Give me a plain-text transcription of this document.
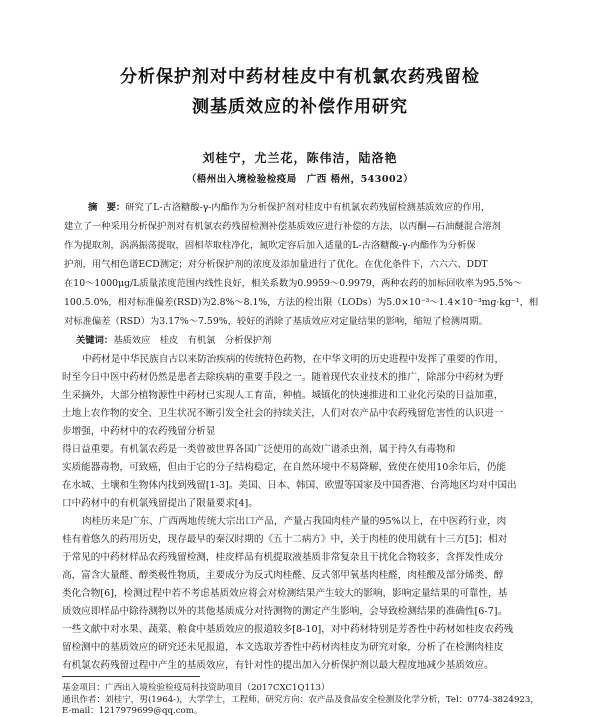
分析保护剂对中药材桂皮中有机氯农药残留检
测基质效应的补偿作用研究
刘桂宁，尤兰花，陈伟洁，陆洛艳
（梧州出入境检验检疫局　广西 梧州，543002）
摘　要：研究了L-古洛糖酸-γ-内酯作为分析保护剂对桂皮中有机氯农药残留检测基质效应的作用，
建立了一种采用分析保护剂对有机氯农药残留检测补偿基质效应进行补偿的方法，以丙酮—石油醚混合溶剂
作为提取剂，涡涡振荡提取，固相萃取柱净化，氮吹定容后加入适量的L-古洛糖酸-γ-内酯作为分析保
护剂，用气相色谱ECD测定；对分析保护剂的浓度及添加量进行了优化。在优化条件下，六六六、DDT
在10～1000μg/L质量浓度范围内线性良好，相关系数为0.9959～0.9979，两种农药的加标回收率为95.5%～
100.5.0%，相对标准偏差(RSD)为2.8%～8.1%，方法的检出限（LODs）为5.0×10⁻³～1.4×10⁻³mg·kg⁻¹，相
对标准偏差（RSD）为3.17%～7.59%，较好的消除了基质效应对定量结果的影响，缩短了检测周期。
关键词：基质效应　桂皮　有机氯　分析保护剂
中药材是中华民族自古以来防治疾病的传统特色药物，在中华文明的历史进程中发挥了重要的作用，
时至今日中医中药材仍然是患者去除疾病的重要手段之一。随着现代农业技术的推广，除部分中药材为野
生采摘外，大部分植物源性中药材已实现人工育苗，种植。城镇化的快速推进和工业化污染的日益加重，
土地上农作物的安全、卫生状况不断引发全社会的持续关注，人们对农产品中农药残留危害性的认识进一
步增强，中药材中的农药残留分析显
得日益重要。有机氯农药是一类曾被世界各国广泛使用的高效广谱杀虫剂，属于持久有毒物和
实质能器毒物，可致癌，但由于它的分子结构稳定，在自然环境中不易降解，致使在使用10余年后，仍能
在水城、土壤和生物体内找到残留[1-3]。美国、日本、韩国、欧盟等国家及中国香港、台湾地区均对中国出
口中药材中的有机氯残留提出了限量要求[4]。
肉桂历来是广东、广西两地传统大宗出口产品，产量占我国肉桂产量的95%以上，在中医药行业，肉
桂有着悠久的药用历史，现存最早的秦汉时期的《五十二病方》中，关于肉桂的使用就有十三方[5]；相对
于常见的中药材样品农药残留检测，桂皮样品有机提取液基质非常复杂且干扰化合物较多，含挥发性成分
高，富含大量醛、醇类极性物质，主要成分为反式肉桂醛、反式邻甲氧基肉桂醛，肉桂酸及部分烯类、醇
类化合物[6]，检测过程中若不考虑基质效应将会对检测结果产生较大的影响，影响定量结果的可靠性，基
质效应即样品中除待测物以外的其他基质成分对待测物的测定产生影响，会导致检测结果的准确性[6-7]。
一些文献中对水果、蔬菜、粮食中基质效应的报道较多[8-10]，对中药材特别是芳香性中药材如桂皮农药残
留检测中的基质效应的研究还未见报道，本文选取芳香性中药材肉桂皮为研究对象，分析了在检测肉桂皮
有机氯农药残留过程中产生的基质效应，有针对性的提出加入分析保护剂以最大程度地减少基质效应。
基金项目：广西出入境检验检疫局科技资助项目（2017CXC1Q113）
通讯作者：刘桂宁，男(1964-)，大学学士，工程师，研究方向：农产品及食品安全检测及化学分析，Tel：0774-3824923，
E-mail：1217979699@qq.com。
